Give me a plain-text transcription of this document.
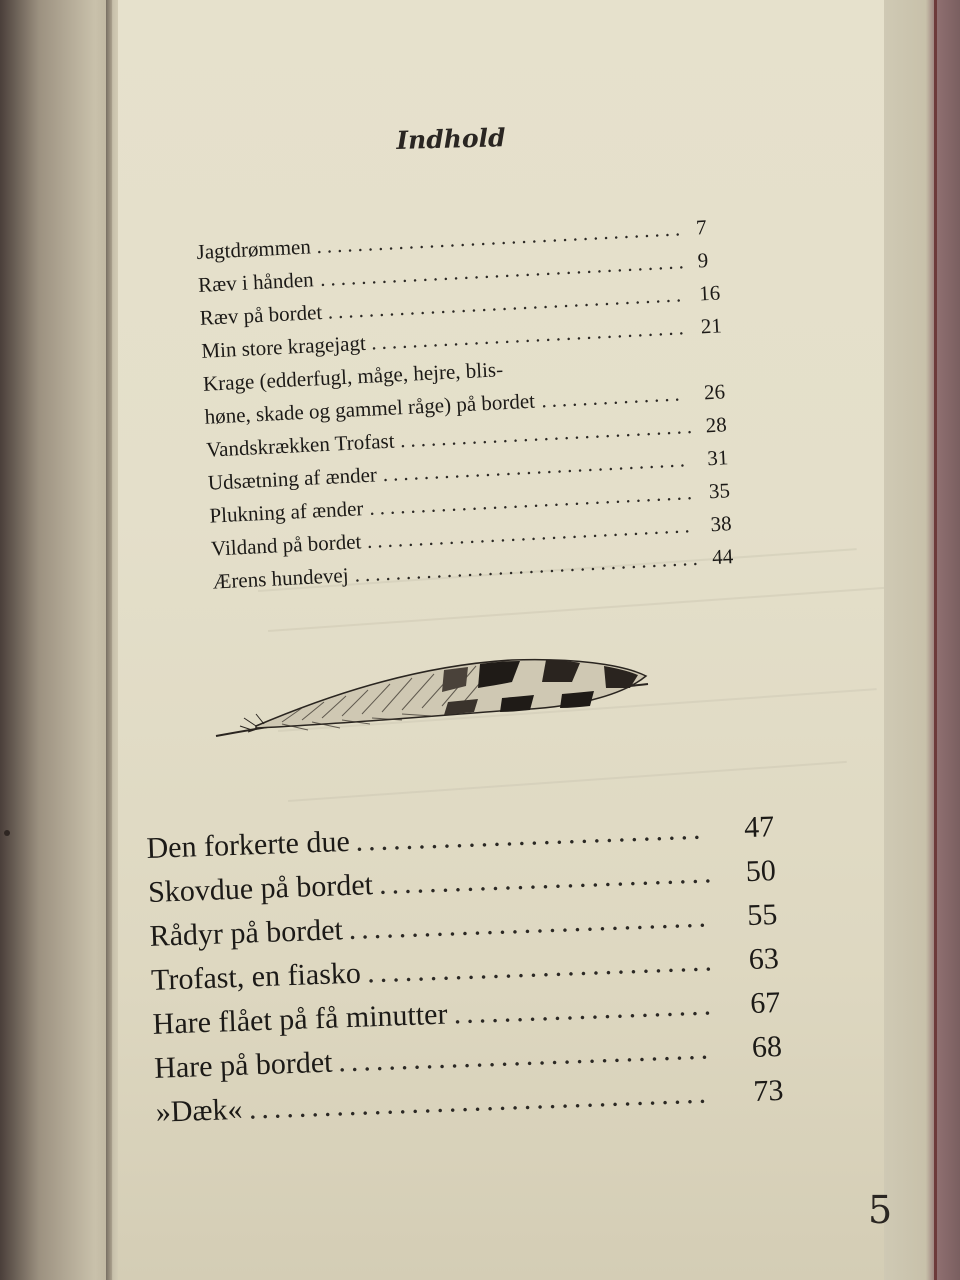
Indhold
Jagtdrømmen .................................... 7
Ræv i hånden .................................... 9
Ræv på bordet ................................... 16
Min store kragejagt ............................... 21
Krage (edderfugl, måge, hejre, blis-
høne, skade og gammel råge) på bordet .............. 26
Vandskrækken Trofast ............................. 28
Udsætning af ænder .............................. 31
Plukning af ænder ................................ 35
Vildand på bordet ................................ 38
Ærens hundevej .................................. 44
Den forkerte due ............................ 47
Skovdue på bordet ........................... 50
Rådyr på bordet ............................. 55
Trofast, en fiasko ............................ 63
Hare flået på få minutter ..................... 67
Hare på bordet .............................. 68
»Dæk« ..................................... 73
5
